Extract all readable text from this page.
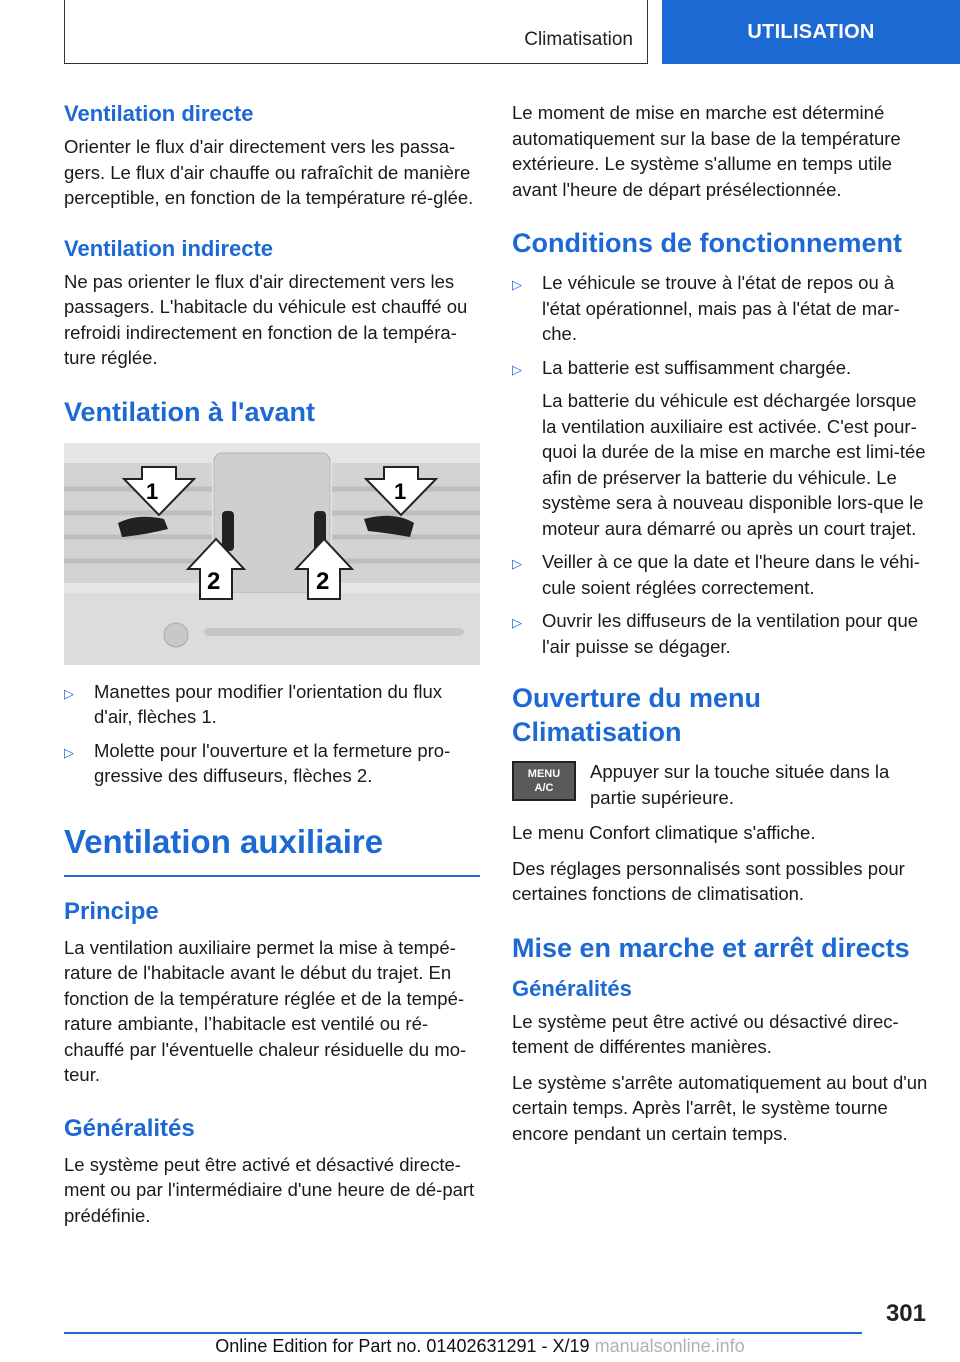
Climatisation	UTILISATION
Ventilation directe

Orienter le flux d'air directement vers les passa-gers. Le flux d'air chauffe ou rafraîchit de manière perceptible, en fonction de la température ré-glée.

Ventilation indirecte

Ne pas orienter le flux d'air directement vers les passagers. L'habitacle du véhicule est chauffé ou refroidi indirectement en fonction de la tempéra-ture réglée.

Ventilation à l'avant
1	1
2	2
▷ Manettes pour modifier l'orientation du flux d'air, flèches 1.
▷ Molette pour l'ouverture et la fermeture pro-gressive des diffuseurs, flèches 2.
Ventilation auxiliaire
Principe

La ventilation auxiliaire permet la mise à tempé-rature de l'habitacle avant le début du trajet. En fonction de la température réglée et de la tempé-rature ambiante, l’habitacle est ventilé ou ré-chauffé par l'éventuelle chaleur résiduelle du mo-teur.

Généralités

Le système peut être activé et désactivé directe-ment ou par l'intermédiaire d'une heure de dé-part prédéfinie.

Le moment de mise en marche est déterminé automatiquement sur la base de la température extérieure. Le système s'allume en temps utile avant l'heure de départ présélectionnée.

Conditions de fonctionnement
▷ Le véhicule se trouve à l'état de repos ou à l'état opérationnel, mais pas à l'état de mar-che.
▷ La batterie est suffisamment chargée.
La batterie du véhicule est déchargée lorsque la ventilation auxiliaire est activée. C'est pour-quoi la durée de la mise en marche est limi-tée afin de préserver la batterie du véhicule. Le système sera à nouveau disponible lors-que le moteur aura démarré ou après un court trajet.
▷ Veiller à ce que la date et l'heure dans le véhi-cule soient réglées correctement.
▷ Ouvrir les diffuseurs de la ventilation pour que l'air puisse se dégager.
Ouverture du menu Climatisation
MENU
A/C

Appuyer sur la touche située dans la partie supérieure.

Le menu Confort climatique s'affiche.

Des réglages personnalisés sont possibles pour certaines fonctions de climatisation.

Mise en marche et arrêt directs
Généralités

Le système peut être activé ou désactivé direc-tement de différentes manières.

Le système s'arrête automatiquement au bout d'un certain temps. Après l'arrêt, le système tourne encore pendant un certain temps.

301
Online Edition for Part no. 01402631291 - X/19 manualsonline.info
